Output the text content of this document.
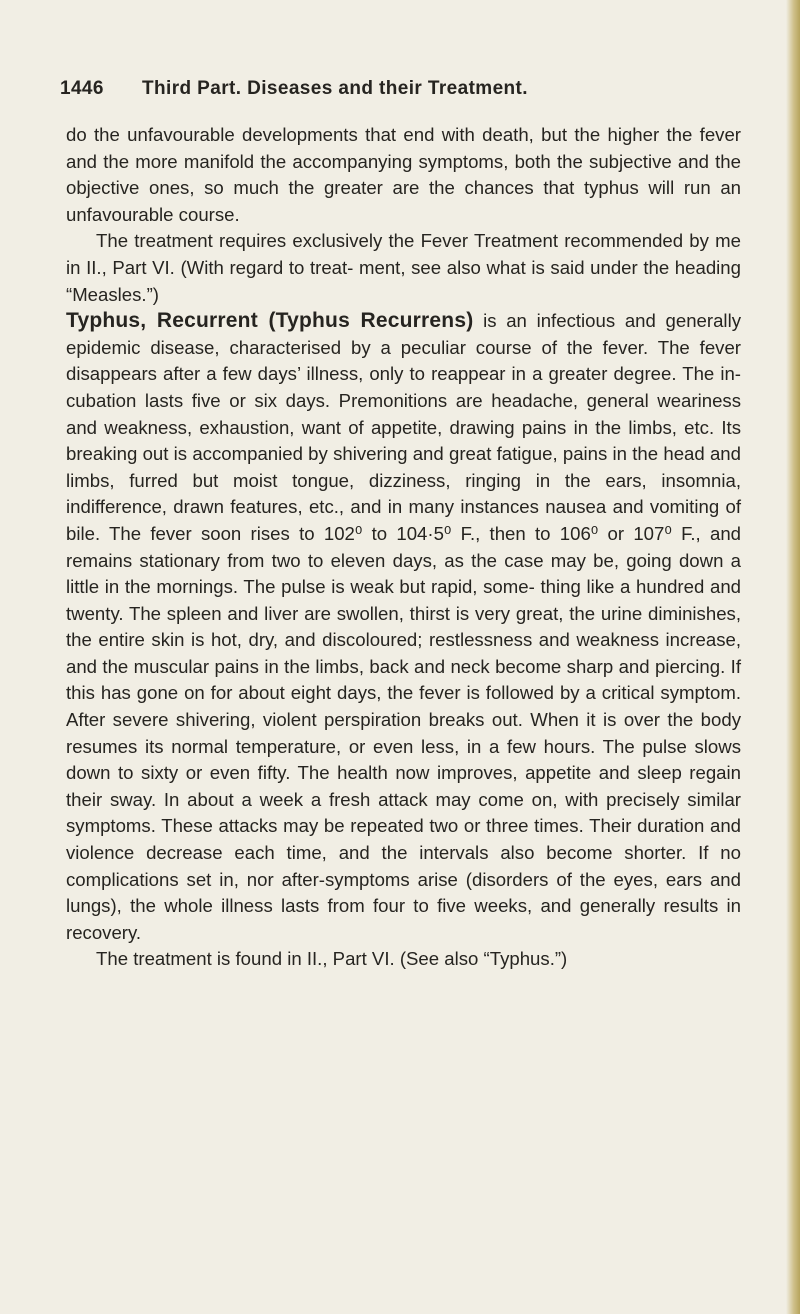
1446	Third Part. Diseases and their Treatment.

do the unfavourable developments that end with death, but the higher the fever and the more manifold the accompanying symptoms, both the subjective and the objective ones, so much the greater are the chances that typhus will run an unfavourable course.

The treatment requires exclusively the Fever Treatment recommended by me in II., Part VI. (With regard to treat- ment, see also what is said under the heading “Measles.”)

Typhus, Recurrent (Typhus Recurrens) is an infectious and generally epidemic disease, characterised by a peculiar course of the fever. The fever disappears after a few days’ illness, only to reappear in a greater degree. The in- cubation lasts five or six days. Premonitions are headache, general weariness and weakness, exhaustion, want of appetite, drawing pains in the limbs, etc. Its breaking out is accompanied by shivering and great fatigue, pains in the head and limbs, furred but moist tongue, dizziness, ringing in the ears, insomnia, indifference, drawn features, etc., and in many instances nausea and vomiting of bile. The fever soon rises to 102⁰ to 104·5⁰ F., then to 106⁰ or 107⁰ F., and remains stationary from two to eleven days, as the case may be, going down a little in the mornings. The pulse is weak but rapid, some- thing like a hundred and twenty. The spleen and liver are swollen, thirst is very great, the urine diminishes, the entire skin is hot, dry, and discoloured; restlessness and weakness increase, and the muscular pains in the limbs, back and neck become sharp and piercing. If this has gone on for about eight days, the fever is followed by a critical symptom. After severe shivering, violent perspiration breaks out. When it is over the body resumes its normal temperature, or even less, in a few hours. The pulse slows down to sixty or even fifty. The health now improves, appetite and sleep regain their sway. In about a week a fresh attack may come on, with precisely similar symptoms. These attacks may be repeated two or three times. Their duration and violence decrease each time, and the intervals also become shorter. If no complications set in, nor after-symptoms arise (disorders of the eyes, ears and lungs), the whole illness lasts from four to five weeks, and generally results in recovery.

The treatment is found in II., Part VI. (See also “Typhus.”)
